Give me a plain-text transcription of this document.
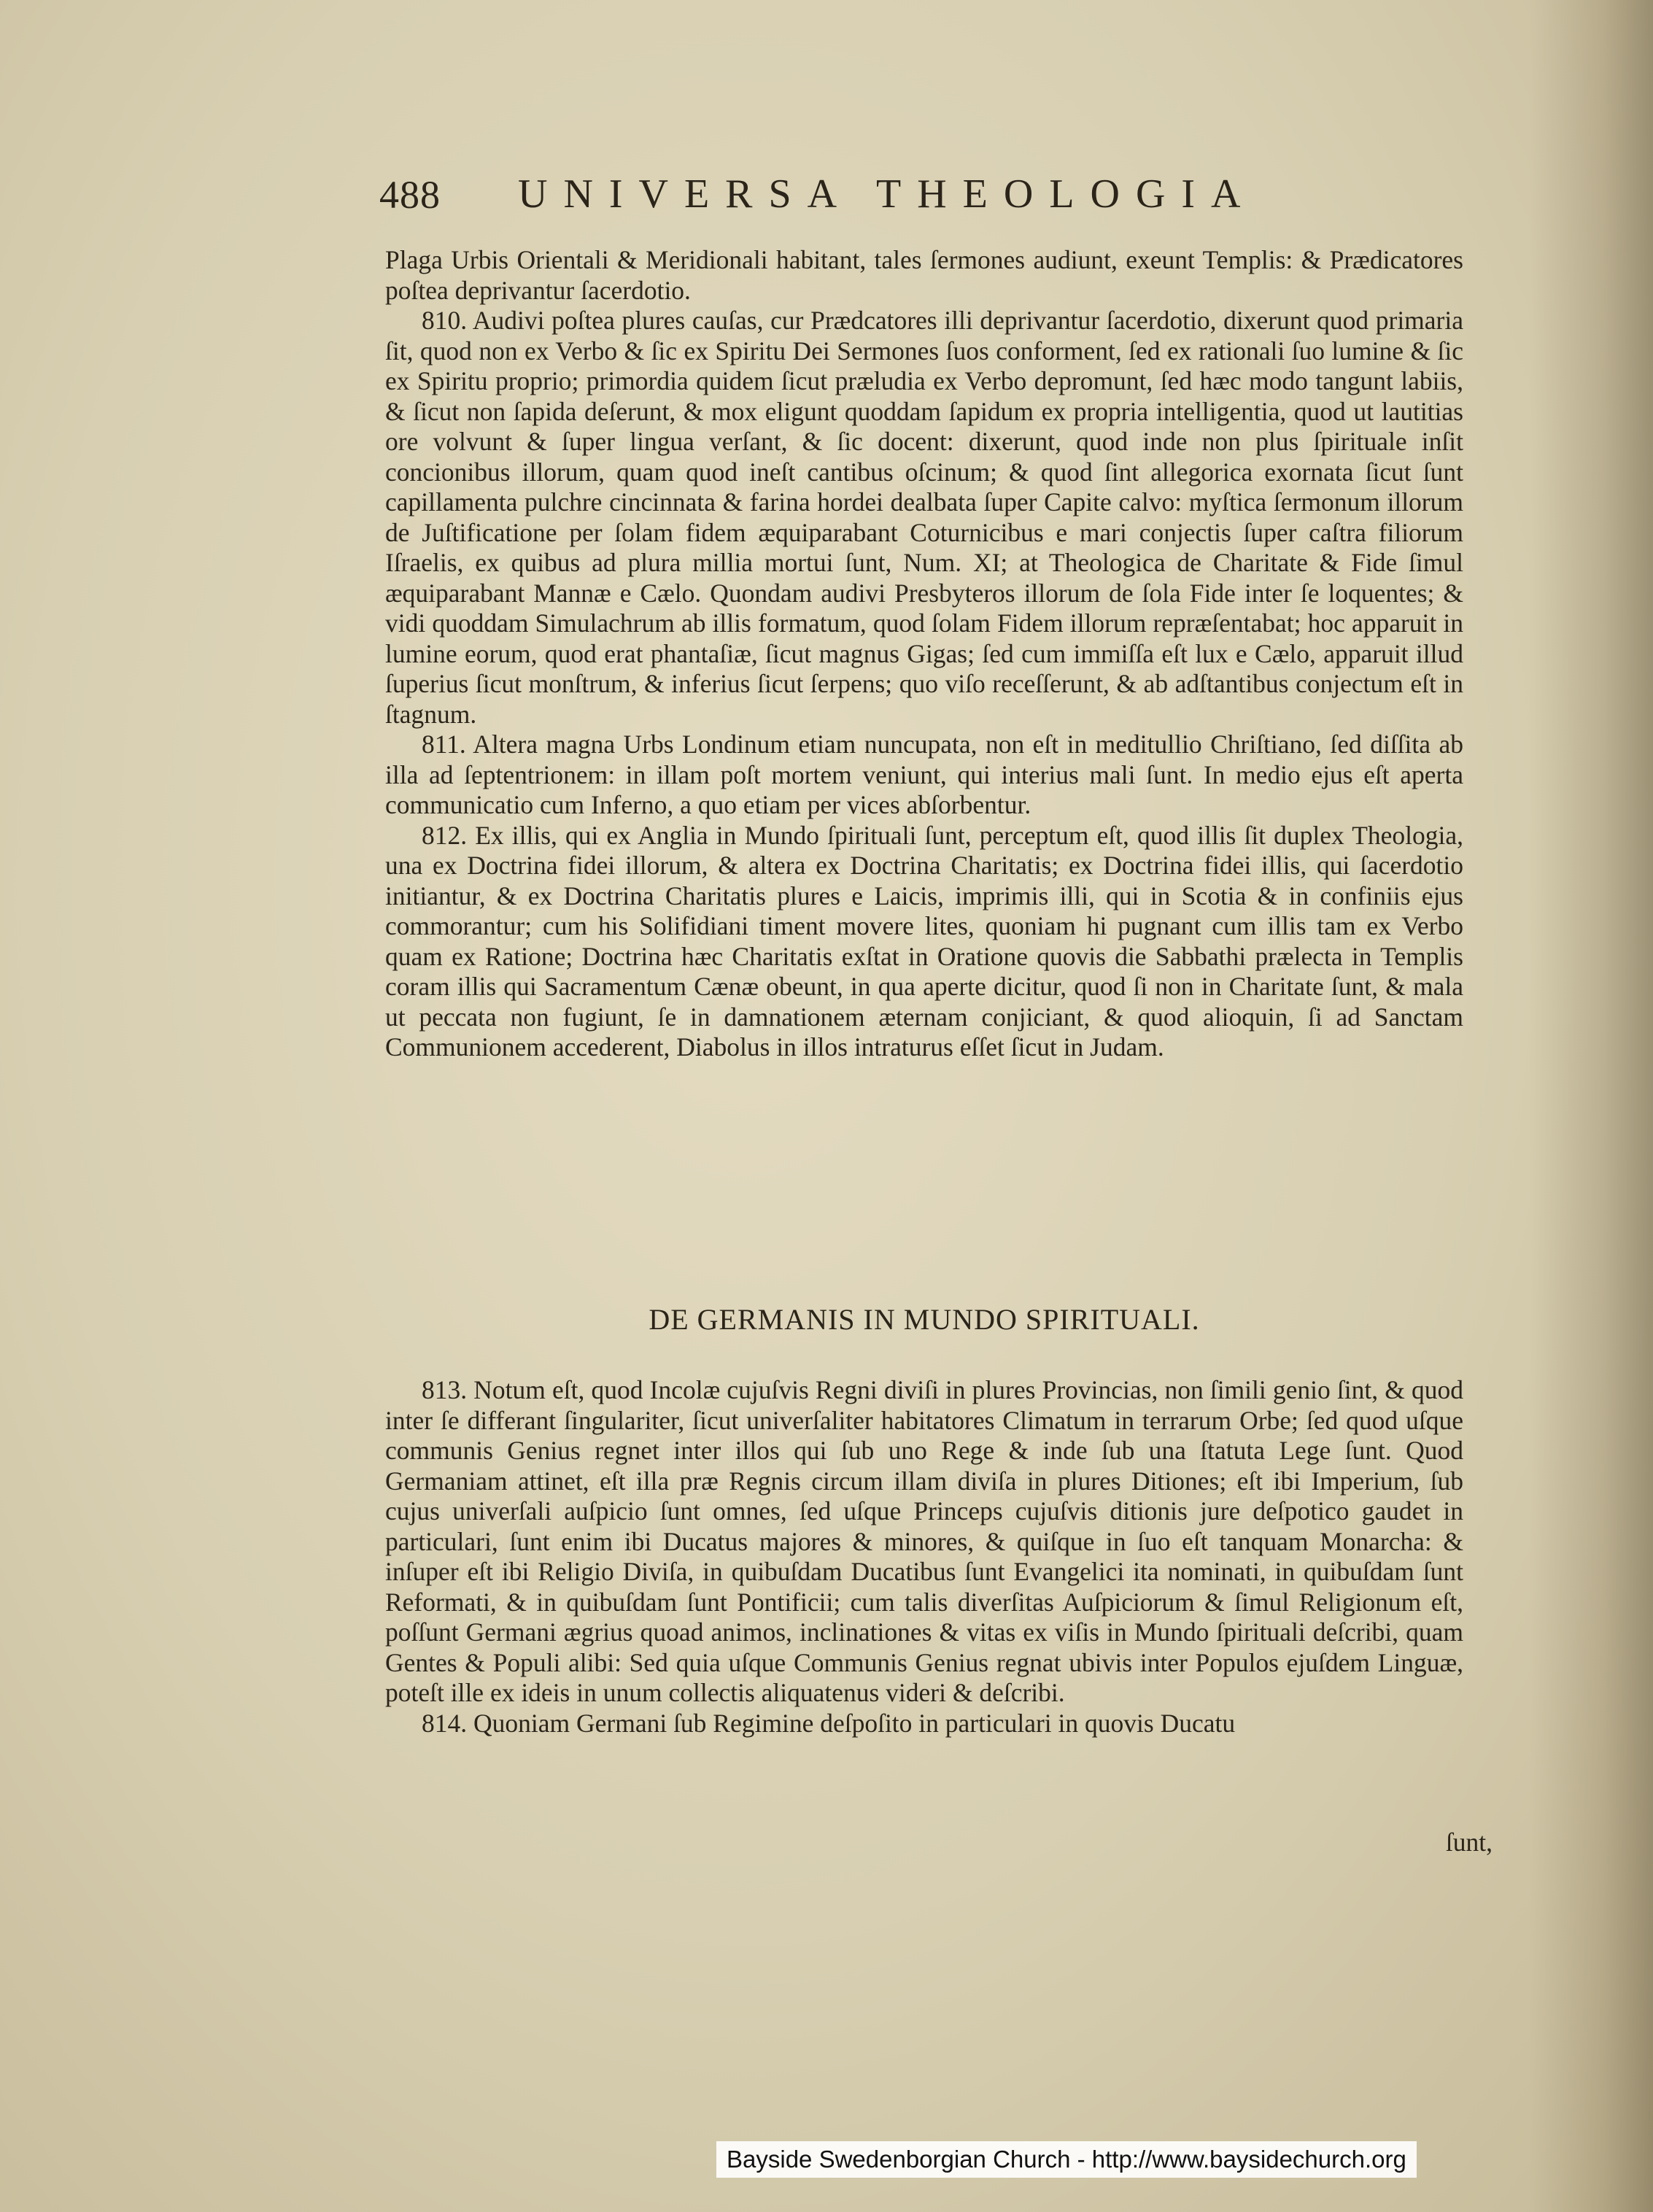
488 UNIVERSA THEOLOGIA

Plaga Urbis Orientali & Meridionali habitant, tales ſermones audiunt, exeunt Templis: & Prædicatores poſtea deprivantur ſacerdotio.

810. Audivi poſtea plures cauſas, cur Prædcatores illi deprivantur ſacerdotio, dixerunt quod primaria ſit, quod non ex Verbo & ſic ex Spiritu Dei Sermones ſuos conforment, ſed ex rationali ſuo lumine & ſic ex Spiritu proprio; primordia quidem ſicut præludia ex Verbo depromunt, ſed hæc modo tangunt labiis, & ſicut non ſapida deſerunt, & mox eligunt quoddam ſapidum ex propria intelligentia, quod ut lautitias ore volvunt & ſuper lingua verſant, & ſic docent: dixerunt, quod inde non plus ſpirituale inſit concionibus illorum, quam quod ineſt cantibus oſcinum; & quod ſint allegorica exornata ſicut ſunt capillamenta pulchre cincinnata & farina hordei dealbata ſuper Capite calvo: myſtica ſermonum illorum de Juſtificatione per ſolam fidem æquiparabant Coturnicibus e mari conjectis ſuper caſtra filiorum Iſraelis, ex quibus ad plura millia mortui ſunt, Num. XI; at Theologica de Charitate & Fide ſimul æquiparabant Mannæ e Cælo. Quondam audivi Presbyteros illorum de ſola Fide inter ſe loquentes; & vidi quoddam Simulachrum ab illis formatum, quod ſolam Fidem illorum repræſentabat; hoc apparuit in lumine eorum, quod erat phantaſiæ, ſicut magnus Gigas; ſed cum immiſſa eſt lux e Cælo, apparuit illud ſuperius ſicut monſtrum, & inferius ſicut ſerpens; quo viſo receſſerunt, & ab adſtantibus conjectum eſt in ſtagnum.

811. Altera magna Urbs Londinum etiam nuncupata, non eſt in meditullio Chriſtiano, ſed diſſita ab illa ad ſeptentrionem: in illam poſt mortem veniunt, qui interius mali ſunt. In medio ejus eſt aperta communicatio cum Inferno, a quo etiam per vices abſorbentur.

812. Ex illis, qui ex Anglia in Mundo ſpirituali ſunt, perceptum eſt, quod illis ſit duplex Theologia, una ex Doctrina fidei illorum, & altera ex Doctrina Charitatis; ex Doctrina fidei illis, qui ſacerdotio initiantur, & ex Doctrina Charitatis plures e Laicis, imprimis illi, qui in Scotia & in confiniis ejus commorantur; cum his Solifidiani timent movere lites, quoniam hi pugnant cum illis tam ex Verbo quam ex Ratione; Doctrina hæc Charitatis exſtat in Oratione quovis die Sabbathi prælecta in Templis coram illis qui Sacramentum Cænæ obeunt, in qua aperte dicitur, quod ſi non in Charitate ſunt, & mala ut peccata non fugiunt, ſe in damnationem æternam conjiciant, & quod alioquin, ſi ad Sanctam Communionem accederent, Diabolus in illos intraturus eſſet ſicut in Judam.

DE GERMANIS IN MUNDO SPIRITUALI.

813. Notum eſt, quod Incolæ cujuſvis Regni diviſi in plures Provincias, non ſimili genio ſint, & quod inter ſe differant ſingulariter, ſicut univerſaliter habitatores Climatum in terrarum Orbe; ſed quod uſque communis Genius regnet inter illos qui ſub uno Rege & inde ſub una ſtatuta Lege ſunt. Quod Germaniam attinet, eſt illa præ Regnis circum illam diviſa in plures Ditiones; eſt ibi Imperium, ſub cujus univerſali auſpicio ſunt omnes, ſed uſque Princeps cujuſvis ditionis jure deſpotico gaudet in particulari, ſunt enim ibi Ducatus majores & minores, & quiſque in ſuo eſt tanquam Monarcha: & inſuper eſt ibi Religio Diviſa, in quibuſdam Ducatibus ſunt Evangelici ita nominati, in quibuſdam ſunt Reformati, & in quibuſdam ſunt Pontificii; cum talis diverſitas Auſpiciorum & ſimul Religionum eſt, poſſunt Germani ægrius quoad animos, inclinationes & vitas ex viſis in Mundo ſpirituali deſcribi, quam Gentes & Populi alibi: Sed quia uſque Communis Genius regnat ubivis inter Populos ejuſdem Linguæ, poteſt ille ex ideis in unum collectis aliquatenus videri & deſcribi.

814. Quoniam Germani ſub Regimine deſpoſito in particulari in quovis Ducatu

ſunt,
Bayside Swedenborgian Church - http://www.baysidechurch.org
